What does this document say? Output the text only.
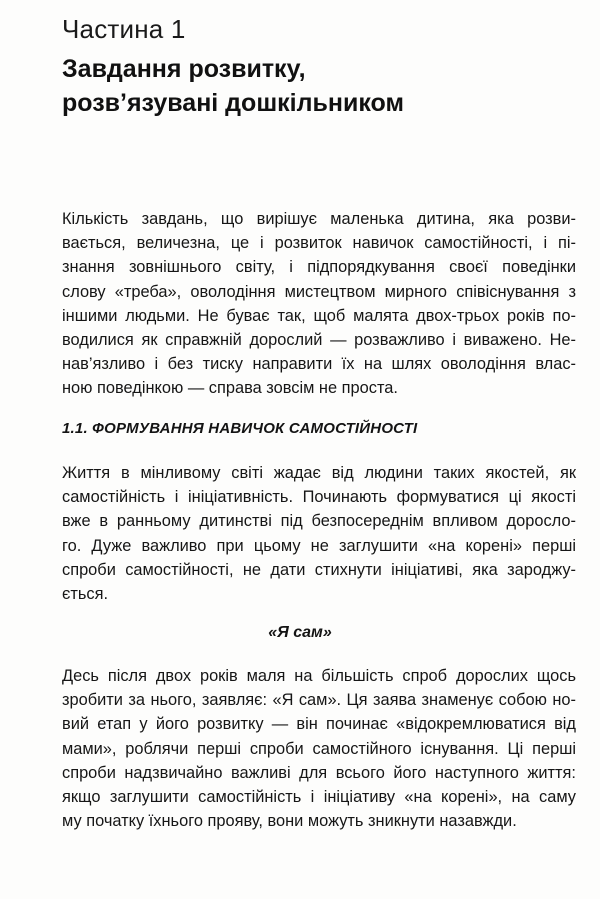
Частина 1
Завдання розвитку,
розв’язувані дошкільником
Кількість завдань, що вирішує маленька дитина, яка розви-
вається, величезна, це і розвиток навичок самостійності, і пі-
знання зовнішнього світу, і підпорядкування своєї поведінки
слову «треба», оволодіння мистецтвом мирного співіснування з
іншими людьми. Не буває так, щоб малята двох-трьох років по-
водилися як справжній дорослий — розважливо і виважено. Не-
нав’язливо і без тиску направити їх на шлях оволодіння влас-
ною поведінкою — справа зовсім не проста.
1.1. ФОРМУВАННЯ НАВИЧОК САМОСТІЙНОСТІ
Життя в мінливому світі жадає від людини таких якостей, як
самостійність і ініціативність. Починають формуватися ці якості
вже в ранньому дитинстві під безпосереднім впливом доросло-
го. Дуже важливо при цьому не заглушити «на корені» перші
спроби самостійності, не дати стихнути ініціативі, яка зароджу-
ється.
«Я сам»
Десь після двох років маля на більшість спроб дорослих щось
зробити за нього, заявляє: «Я сам». Ця заява знаменує собою но-
вий етап у його розвитку — він починає «відокремлюватися від
мами», роблячи перші спроби самостійного існування. Ці перші
спроби надзвичайно важливі для всього його наступного життя:
якщо заглушити самостійність і ініціативу «на корені», на саму
му початку їхнього прояву, вони можуть зникнути назавжди.
